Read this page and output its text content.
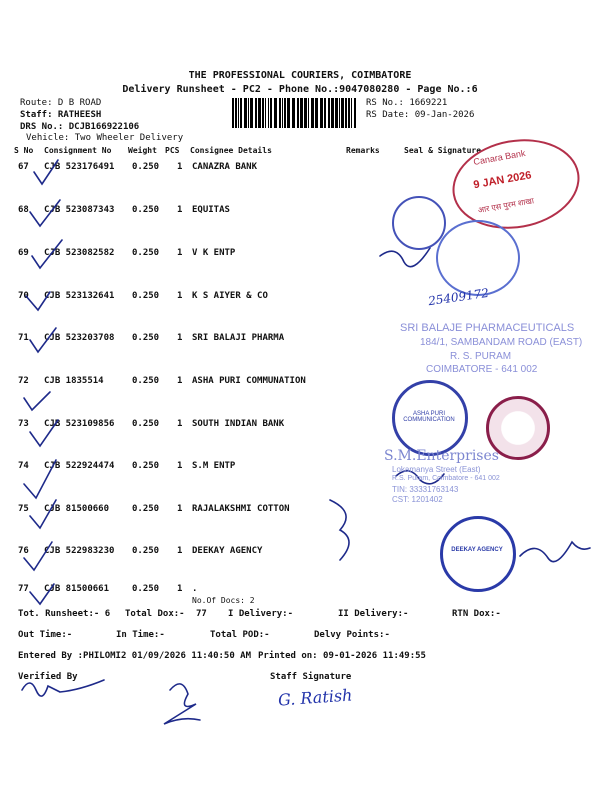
THE PROFESSIONAL COURIERS, COIMBATORE
Delivery Runsheet - PC2 - Phone No.:9047080280 - Page No.:6
Route: D B ROAD
Staff: RATHEESH
DRS No.: DCJB166922106
Vehicle: Two Wheeler Delivery
RS No.: 1669221
RS Date: 09-Jan-2026
S No Consignment No Weight PCS Consignee Details	Remarks	Seal & Signature
67 CJB 523176491 0.250 1 CANAZRA BANK
68 CJB 523087343 0.250 1 EQUITAS
69 CJB 523082582 0.250 1 V K ENTP
70 CJB 523132641 0.250 1 K S AIYER & CO
71 CJB 523203708 0.250 1 SRI BALAJI PHARMA
72 CJB 1835514	0.250 1 ASHA PURI COMMUNATION
73 CJB 523109856 0.250 1 SOUTH INDIAN BANK
74 CJB 522924474 0.250 1 S.M ENTP
75 CJB 81500660	0.250 1 RAJALAKSHMI COTTON
76 CJB 522983230 0.250 1 DEEKAY AGENCY
77 CJB 81500661	0.250 1 .
No.Of Docs: 2
Tot. Runsheet:- 6 Total Dox:- 77 I Delivery:-	II Delivery:-	RTN Dox:-
Out Time:-	In Time:-	Total POD:-	Delvy Points:-
Entered By :PHILOMI2 01/09/2026 11:40:50 AM Printed on: 09-01-2026 11:49:55
Verified By	Staff Signature
G. Ratish
Canara Bank
9 JAN 2026
आर एस पुरम शाखा
25409172
SRI BALAJE PHARMACEUTICALS
184/1, SAMBANDAM ROAD (EAST)
R. S. PURAM
COIMBATORE - 641 002
ASHA PURI COMMUNICATION
S.M.Enterprises
Lokamanya Street (East)
R.S. Puram, Coimbatore - 641 002
TIN: 33331763143
CST: 1201402
DEEKAY AGENCY
